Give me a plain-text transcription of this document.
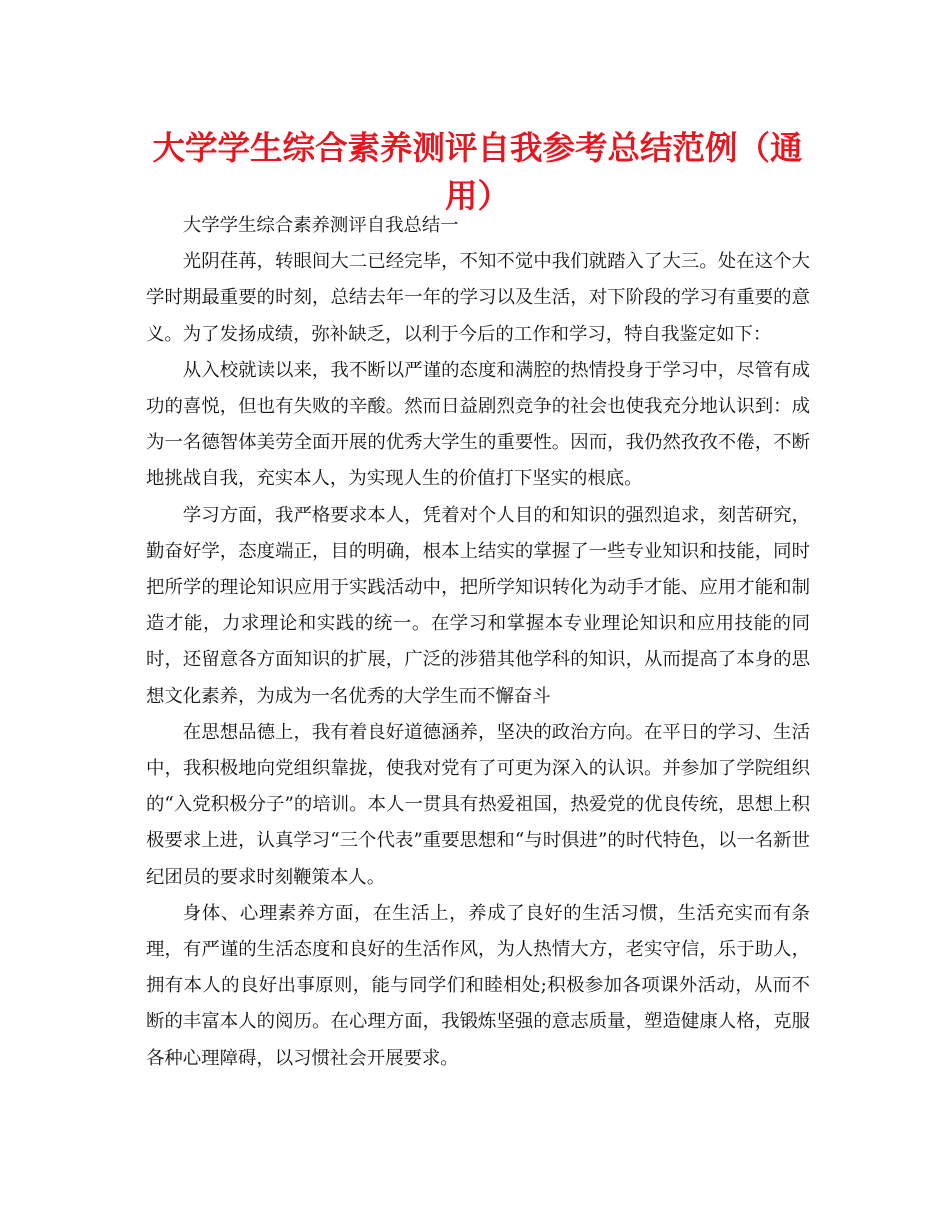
大学学生综合素养测评自我参考总结范例（通用）

大学学生综合素养测评自我总结一

光阴荏苒，转眼间大二已经完毕，不知不觉中我们就踏入了大三。处在这个大学时期最重要的时刻，总结去年一年的学习以及生活，对下阶段的学习有重要的意义。为了发扬成绩，弥补缺乏，以利于今后的工作和学习，特自我鉴定如下：

从入校就读以来，我不断以严谨的态度和满腔的热情投身于学习中，尽管有成功的喜悦，但也有失败的辛酸。然而日益剧烈竞争的社会也使我充分地认识到：成为一名德智体美劳全面开展的优秀大学生的重要性。因而，我仍然孜孜不倦，不断地挑战自我，充实本人，为实现人生的价值打下坚实的根底。

学习方面，我严格要求本人，凭着对个人目的和知识的强烈追求，刻苦研究，勤奋好学，态度端正，目的明确，根本上结实的掌握了一些专业知识和技能，同时把所学的理论知识应用于实践活动中，把所学知识转化为动手才能、应用才能和制造才能，力求理论和实践的统一。在学习和掌握本专业理论知识和应用技能的同时，还留意各方面知识的扩展，广泛的涉猎其他学科的知识，从而提高了本身的思想文化素养，为成为一名优秀的大学生而不懈奋斗

在思想品德上，我有着良好道德涵养，坚决的政治方向。在平日的学习、生活中，我积极地向党组织靠拢，使我对党有了可更为深入的认识。并参加了学院组织的“入党积极分子”的培训。本人一贯具有热爱祖国，热爱党的优良传统，思想上积极要求上进，认真学习“三个代表”重要思想和“与时俱进”的时代特色，以一名新世纪团员的要求时刻鞭策本人。

身体、心理素养方面，在生活上，养成了良好的生活习惯，生活充实而有条理，有严谨的生活态度和良好的生活作风，为人热情大方，老实守信，乐于助人，拥有本人的良好出事原则，能与同学们和睦相处;积极参加各项课外活动，从而不断的丰富本人的阅历。在心理方面，我锻炼坚强的意志质量，塑造健康人格，克服各种心理障碍，以习惯社会开展要求。
